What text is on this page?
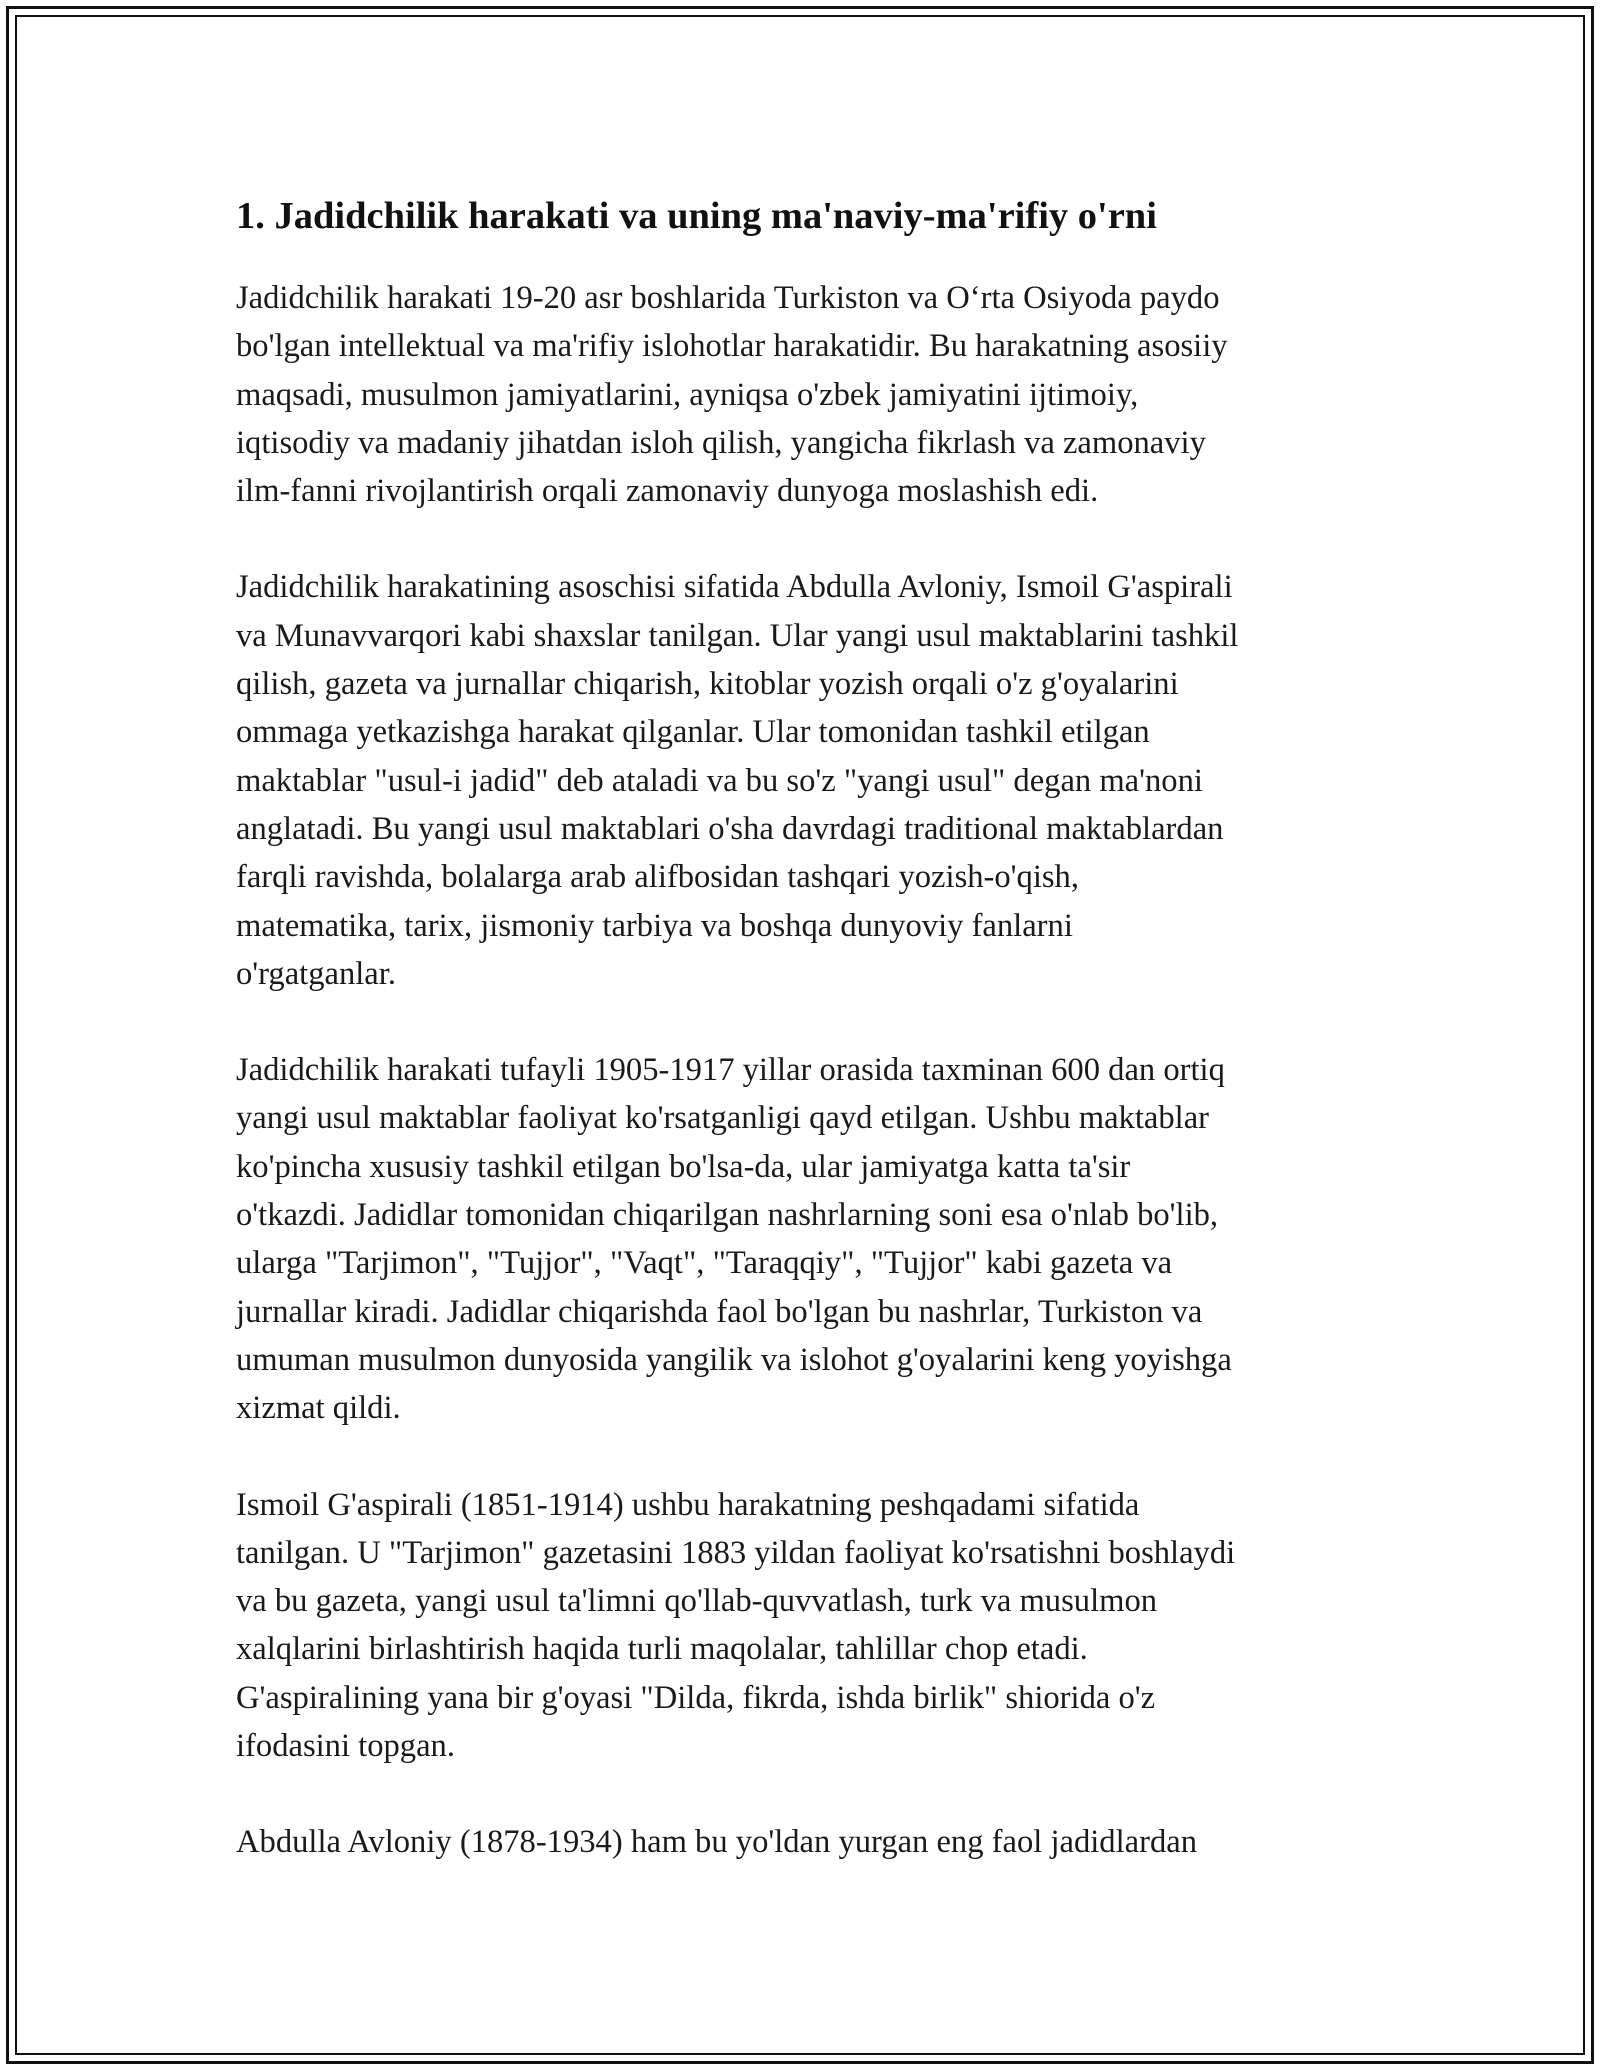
1. Jadidchilik harakati va uning ma'naviy-ma'rifiy o'rni

Jadidchilik harakati 19-20 asr boshlarida Turkiston va O‘rta Osiyoda paydo
bo'lgan intellektual va ma'rifiy islohotlar harakatidir. Bu harakatning asosiiy
maqsadi, musulmon jamiyatlarini, ayniqsa o'zbek jamiyatini ijtimoiy,
iqtisodiy va madaniy jihatdan isloh qilish, yangicha fikrlash va zamonaviy
ilm-fanni rivojlantirish orqali zamonaviy dunyoga moslashish edi.

Jadidchilik harakatining asoschisi sifatida Abdulla Avloniy, Ismoil G'aspirali
va Munavvarqori kabi shaxslar tanilgan. Ular yangi usul maktablarini tashkil
qilish, gazeta va jurnallar chiqarish, kitoblar yozish orqali o'z g'oyalarini
ommaga yetkazishga harakat qilganlar. Ular tomonidan tashkil etilgan
maktablar "usul-i jadid" deb ataladi va bu so'z "yangi usul" degan ma'noni
anglatadi. Bu yangi usul maktablari o'sha davrdagi traditional maktablardan
farqli ravishda, bolalarga arab alifbosidan tashqari yozish-o'qish,
matematika, tarix, jismoniy tarbiya va boshqa dunyoviy fanlarni
o'rgatganlar.

Jadidchilik harakati tufayli 1905-1917 yillar orasida taxminan 600 dan ortiq
yangi usul maktablar faoliyat ko'rsatganligi qayd etilgan. Ushbu maktablar
ko'pincha xususiy tashkil etilgan bo'lsa-da, ular jamiyatga katta ta'sir
o'tkazdi. Jadidlar tomonidan chiqarilgan nashrlarning soni esa o'nlab bo'lib,
ularga "Tarjimon", "Tujjor", "Vaqt", "Taraqqiy", "Tujjor" kabi gazeta va
jurnallar kiradi. Jadidlar chiqarishda faol bo'lgan bu nashrlar, Turkiston va
umuman musulmon dunyosida yangilik va islohot g'oyalarini keng yoyishga
xizmat qildi.

Ismoil G'aspirali (1851-1914) ushbu harakatning peshqadami sifatida
tanilgan. U "Tarjimon" gazetasini 1883 yildan faoliyat ko'rsatishni boshlaydi
va bu gazeta, yangi usul ta'limni qo'llab-quvvatlash, turk va musulmon
xalqlarini birlashtirish haqida turli maqolalar, tahlillar chop etadi.
G'aspiralining yana bir g'oyasi "Dilda, fikrda, ishda birlik" shiorida o'z
ifodasini topgan.

Abdulla Avloniy (1878-1934) ham bu yo'ldan yurgan eng faol jadidlardan
